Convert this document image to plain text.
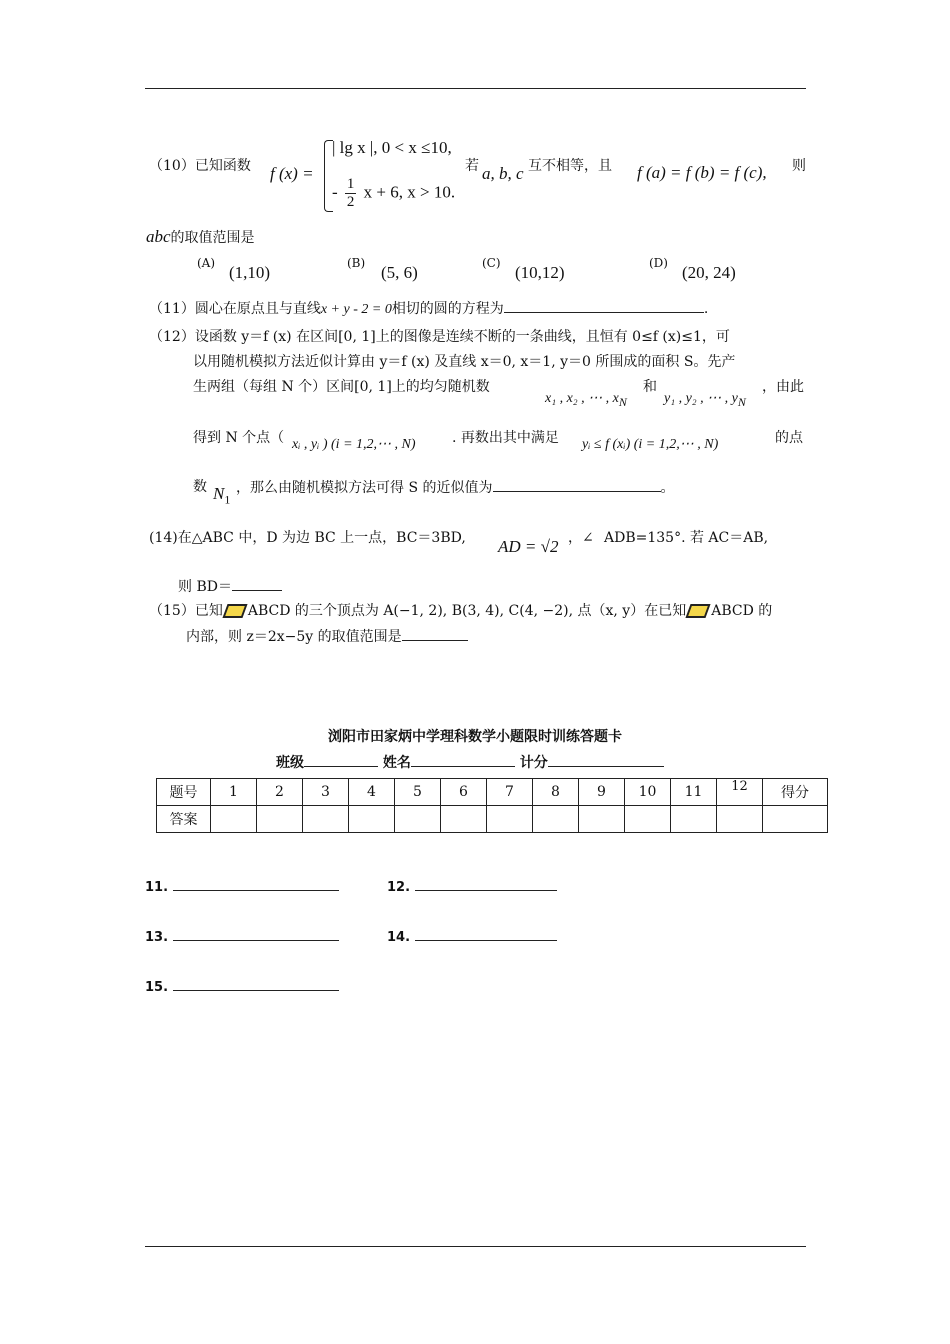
（10）已知函数 f (x) =
| lg x |, 0 < x ≤10,
- $\frac{1}{2}$ x + 6, x > 10.
若 a, b, c 互不相等，且 f (a) = f (b) = f (c), 则
abc的取值范围是
(A) (1,10)	(B) (5, 6)	(C) (10,12)	(D) (20, 24)
（11）圆心在原点且与直线x + y - 2 = 0相切的圆的方程为	.
（12）设函数 y＝f (x) 在区间[0, 1]上的图像是连续不断的一条曲线，且恒有 0≤f (x)≤1，可
以用随机模拟方法近似计算由 y＝f (x) 及直线 x＝0, x＝1, y＝0 所围成的面积 S。先产
生两组（每组 N 个）区间[0, 1]上的均匀随机数
x₁ , x₂ , ⋯ , $x_N$
和
y₁ , y₂ , ⋯ , $y_N$
，由此
得到 N 个点（ xᵢ , yᵢ ) (i = 1,2,⋯ , N)	. 再数出其中满足 yᵢ ≤ f (xᵢ) (i = 1,2,⋯ , N)	的点
数 $N_1$
，那么由随机模拟方法可得 S 的近似值为	。
(14)在△ABC 中，D 为边 BC 上一点，BC＝3BD, AD = √2 ，∠ ADB=135°. 若 AC＝AB,
则 BD＝
（15）已知 ABCD 的三个顶点为 A(−1, 2), B(3, 4), C(4, −2), 点（x, y）在已知 ABCD 的
内部，则 z＝2x−5y 的取值范围是
浏阳市田家炳中学理科数学小题限时训练答题卡
班级	姓名	计分
题号	1	2	3	4	5	6	7	8	9	10	11	12	得分
答案													
11.	12.
13.	14.
15.
